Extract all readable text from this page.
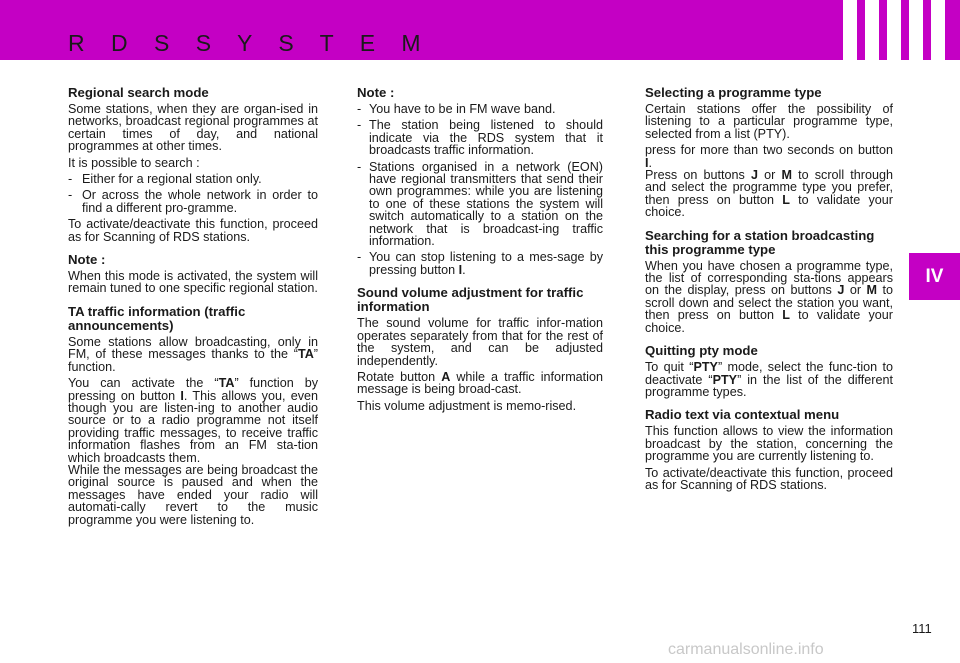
R D S S Y S T E M
IV
Regional search mode

Some stations, when they are organ-ised in networks, broadcast regional programmes at certain times of day, and national programmes at other times.

It is possible to search :

- Either for a regional station only.
- Or across the whole network in order to find a different pro-gramme.

To activate/deactivate this function, proceed as for Scanning of RDS stations.

Note :

When this mode is activated, the system will remain tuned to one specific regional station.

TA traffic information (traffic announcements)

Some stations allow broadcasting, only in FM, of these messages thanks to the “TA” function.

You can activate the “TA” function by pressing on button I. This allows you, even though you are listen-ing to another audio source or to a radio programme not itself providing traffic messages, to receive traffic information flashes from an FM sta-tion which broadcasts them.

While the messages are being broadcast the original source is paused and when the messages have ended your radio will automati-cally revert to the music programme you were listening to.

Note :
- You have to be in FM wave band.
- The station being listened to should indicate via the RDS system that it broadcasts traffic information.
- Stations organised in a network (EON) have regional transmitters that send their own programmes: while you are listening to one of these stations the system will switch automatically to a station on the network that is broadcast-ing traffic information.
- You can stop listening to a mes-sage by pressing button I.
Sound volume adjustment for traffic information

The sound volume for traffic infor-mation operates separately from that for the rest of the system, and can be adjusted independently.

Rotate button A while a traffic information message is being broad-cast.

This volume adjustment is memo-rised.

Selecting a programme type

Certain stations offer the possibility of listening to a particular programme type, selected from a list (PTY).

press for more than two seconds on button I.

Press on buttons J or M to scroll through and select the programme type you prefer, then press on button L to validate your choice.

Searching for a station broadcasting this programme type

When you have chosen a programme type, the list of corresponding sta-tions appears on the display, press on buttons J or M to scroll down and select the station you want, then press on button L to validate your choice.

Quitting pty mode

To quit “PTY” mode, select the func-tion to deactivate “PTY” in the list of the different programme types.

Radio text via contextual menu

This function allows to view the information broadcast by the station, concerning the programme you are currently listening to.

To activate/deactivate this function, proceed as for Scanning of RDS stations.

111
carmanualsonline.info
